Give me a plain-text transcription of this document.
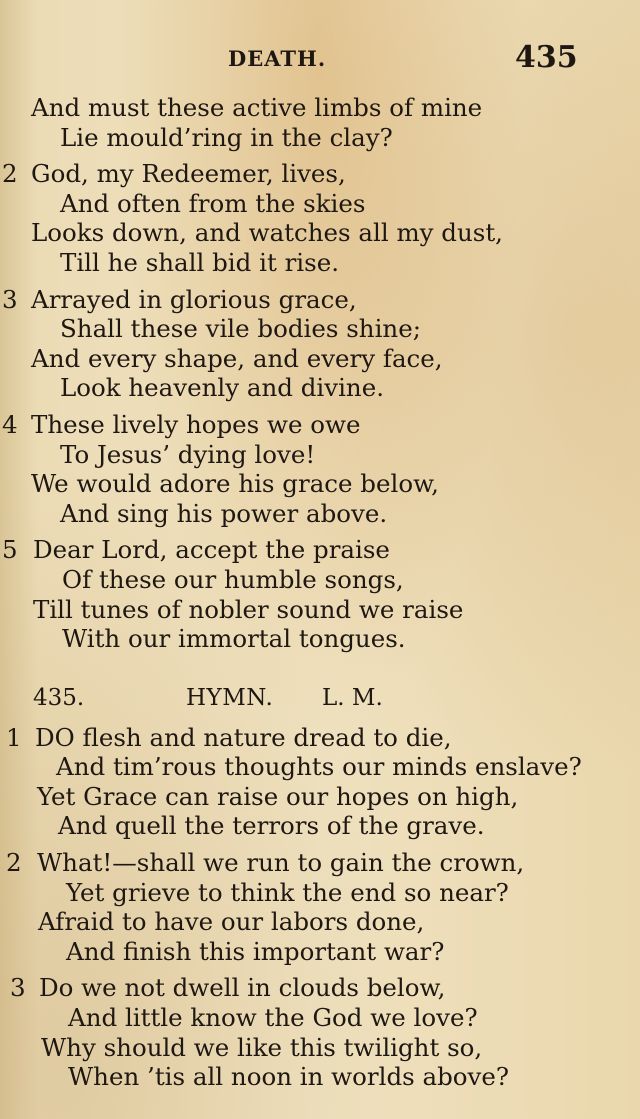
DEATH.	435
And must these active limbs of mine
Lie mould’ring in the clay?
2 God, my Redeemer, lives,
And often from the skies
Looks down, and watches all my dust,
Till he shall bid it rise.
3 Arrayed in glorious grace,
Shall these vile bodies shine;
And every shape, and every face,
Look heavenly and divine.
4 These lively hopes we owe
To Jesus’ dying love!
We would adore his grace below,
And sing his power above.
5 Dear Lord, accept the praise
Of these our humble songs,
Till tunes of nobler sound we raise
With our immortal tongues.
435.	HYMN. L. M.
1 DO flesh and nature dread to die,
And tim’rous thoughts our minds enslave?
Yet Grace can raise our hopes on high,
And quell the terrors of the grave.
2 What!—shall we run to gain the crown,
Yet grieve to think the end so near?
Afraid to have our labors done,
And finish this important war?
3 Do we not dwell in clouds below,
And little know the God we love?
Why should we like this twilight so,
When ’tis all noon in worlds above?
